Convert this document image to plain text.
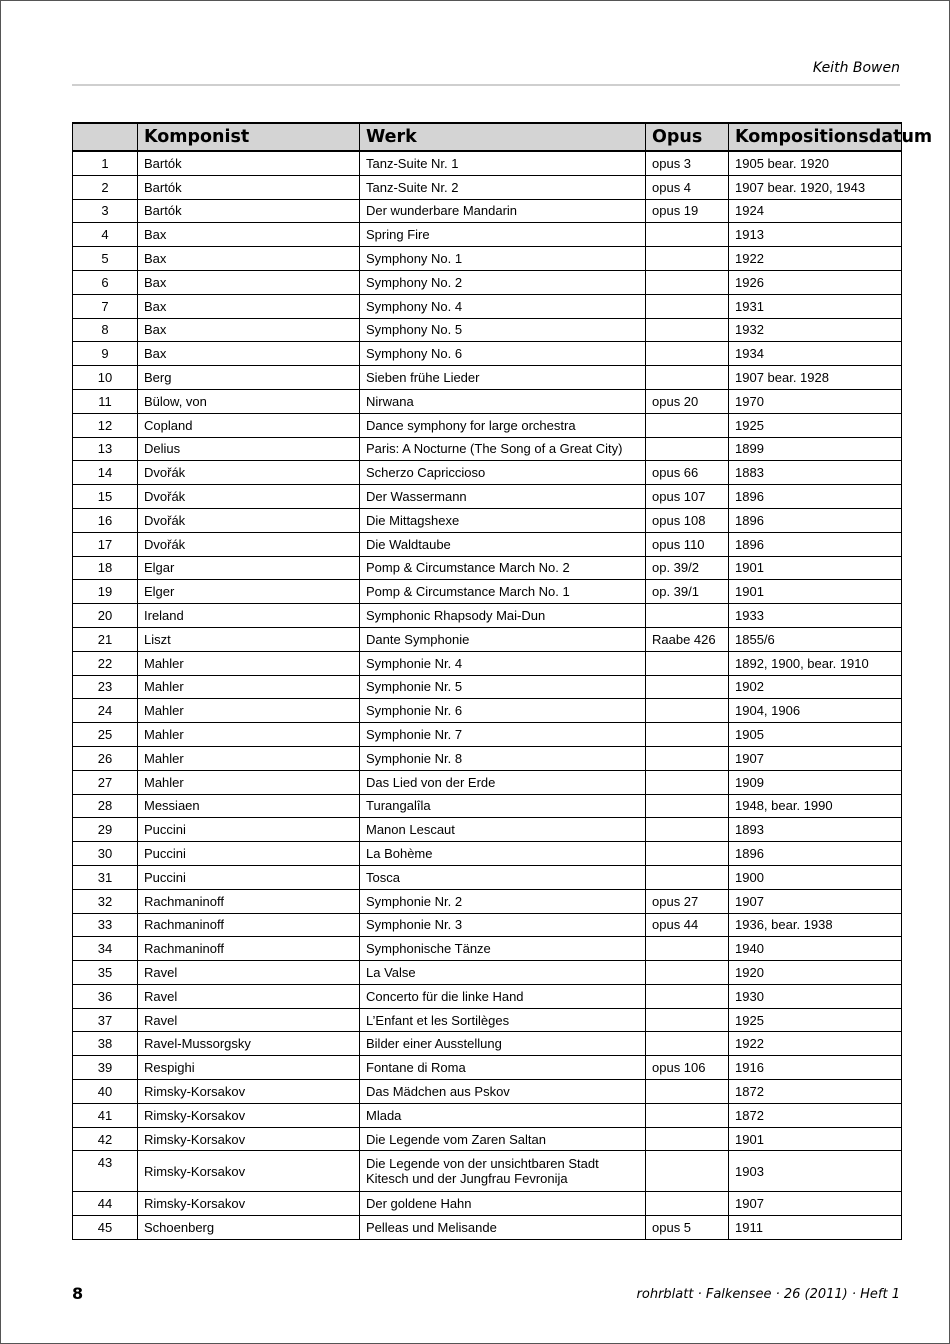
Keith Bowen
	Komponist	Werk	Opus	Kompositionsdatum
1	Bartók	Tanz-Suite Nr. 1	opus 3	1905 bear. 1920
2	Bartók	Tanz-Suite Nr. 2	opus 4	1907 bear. 1920, 1943
3	Bartók	Der wunderbare Mandarin	opus 19	1924
4	Bax	Spring Fire		1913
5	Bax	Symphony No. 1		1922
6	Bax	Symphony No. 2		1926
7	Bax	Symphony No. 4		1931
8	Bax	Symphony No. 5		1932
9	Bax	Symphony No. 6		1934
10	Berg	Sieben frühe Lieder		1907 bear. 1928
11	Bülow, von	Nirwana	opus 20	1970
12	Copland	Dance symphony for large orchestra		1925
13	Delius	Paris: A Nocturne (The Song of a Great City)		1899
14	Dvořák	Scherzo Capriccioso	opus 66	1883
15	Dvořák	Der Wassermann	opus 107	1896
16	Dvořák	Die Mittagshexe	opus 108	1896
17	Dvořák	Die Waldtaube	opus 110	1896
18	Elgar	Pomp & Circumstance March No. 2	op. 39/2	1901
19	Elger	Pomp & Circumstance March No. 1	op. 39/1	1901
20	Ireland	Symphonic Rhapsody Mai-Dun		1933
21	Liszt	Dante Symphonie	Raabe 426	1855/6
22	Mahler	Symphonie Nr. 4		1892, 1900, bear. 1910
23	Mahler	Symphonie Nr. 5		1902
24	Mahler	Symphonie Nr. 6		1904, 1906
25	Mahler	Symphonie Nr. 7		1905
26	Mahler	Symphonie Nr. 8		1907
27	Mahler	Das Lied von der Erde		1909
28	Messiaen	Turangalîla		1948, bear. 1990
29	Puccini	Manon Lescaut		1893
30	Puccini	La Bohème		1896
31	Puccini	Tosca		1900
32	Rachmaninoff	Symphonie Nr. 2	opus 27	1907
33	Rachmaninoff	Symphonie Nr. 3	opus 44	1936, bear. 1938
34	Rachmaninoff	Symphonische Tänze		1940
35	Ravel	La Valse		1920
36	Ravel	Concerto für die linke Hand		1930
37	Ravel	L’Enfant et les Sortilèges		1925
38	Ravel-Mussorgsky	Bilder einer Ausstellung		1922
39	Respighi	Fontane di Roma	opus 106	1916
40	Rimsky-Korsakov	Das Mädchen aus Pskov		1872
41	Rimsky-Korsakov	Mlada		1872
42	Rimsky-Korsakov	Die Legende vom Zaren Saltan		1901
43	Rimsky-Korsakov	Die Legende von der unsichtbaren Stadt Kitesch und der Jungfrau Fevronija		1903
44	Rimsky-Korsakov	Der goldene Hahn		1907
45	Schoenberg	Pelleas und Melisande	opus 5	1911
8	rohrblatt · Falkensee · 26 (2011) · Heft 1
